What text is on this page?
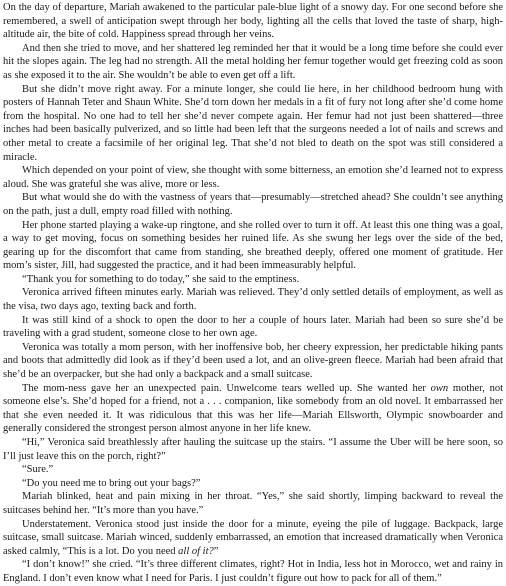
On the day of departure, Mariah awakened to the particular pale-blue light of a snowy day. For one second before she remembered, a swell of anticipation swept through her body, lighting all the cells that loved the taste of sharp, high-altitude air, the bite of cold. Happiness spread through her veins.

And then she tried to move, and her shattered leg reminded her that it would be a long time before she could ever hit the slopes again. The leg had no strength. All the metal holding her femur together would get freezing cold as soon as she exposed it to the air. She wouldn’t be able to even get off a lift.

But she didn’t move right away. For a minute longer, she could lie here, in her childhood bedroom hung with posters of Hannah Teter and Shaun White. She’d torn down her medals in a fit of fury not long after she’d come home from the hospital. No one had to tell her she’d never compete again. Her femur had not just been shattered—three inches had been basically pulverized, and so little had been left that the surgeons needed a lot of nails and screws and other metal to create a facsimile of her original leg. That she’d not bled to death on the spot was still considered a miracle.

Which depended on your point of view, she thought with some bitterness, an emotion she’d learned not to express aloud. She was grateful she was alive, more or less.

But what would she do with the vastness of years that—presumably—stretched ahead? She couldn’t see anything on the path, just a dull, empty road filled with nothing.

Her phone started playing a wake-up ringtone, and she rolled over to turn it off. At least this one thing was a goal, a way to get moving, focus on something besides her ruined life. As she swung her legs over the side of the bed, gearing up for the discomfort that came from standing, she breathed deeply, offered one moment of gratitude. Her mom’s sister, Jill, had suggested the practice, and it had been immeasurably helpful.

“Thank you for something to do today,” she said to the emptiness.

Veronica arrived fifteen minutes early. Mariah was relieved. They’d only settled details of employment, as well as the visa, two days ago, texting back and forth.

It was still kind of a shock to open the door to her a couple of hours later. Mariah had been so sure she’d be traveling with a grad student, someone close to her own age.

Veronica was totally a mom person, with her inoffensive bob, her cheery expression, her predictable hiking pants and boots that admittedly did look as if they’d been used a lot, and an olive-green fleece. Mariah had been afraid that she’d be an overpacker, but she had only a backpack and a small suitcase.

The mom-ness gave her an unexpected pain. Unwelcome tears welled up. She wanted her own mother, not someone else’s. She’d hoped for a friend, not a . . . companion, like somebody from an old novel. It embarrassed her that she even needed it. It was ridiculous that this was her life—Mariah Ellsworth, Olympic snowboarder and generally considered the strongest person almost anyone in her life knew.

“Hi,” Veronica said breathlessly after hauling the suitcase up the stairs. “I assume the Uber will be here soon, so I’ll just leave this on the porch, right?”

“Sure.”

“Do you need me to bring out your bags?”

Mariah blinked, heat and pain mixing in her throat. “Yes,” she said shortly, limping backward to reveal the suitcases behind her. “It’s more than you have.”

Understatement. Veronica stood just inside the door for a minute, eyeing the pile of luggage. Backpack, large suitcase, small suitcase. Mariah winced, suddenly embarrassed, an emotion that increased dramatically when Veronica asked calmly, “This is a lot. Do you need all of it?”

“I don’t know!” she cried. “It’s three different climates, right? Hot in India, less hot in Morocco, wet and rainy in England. I don’t even know what I need for Paris. I just couldn’t figure out how to pack for all of them.”
